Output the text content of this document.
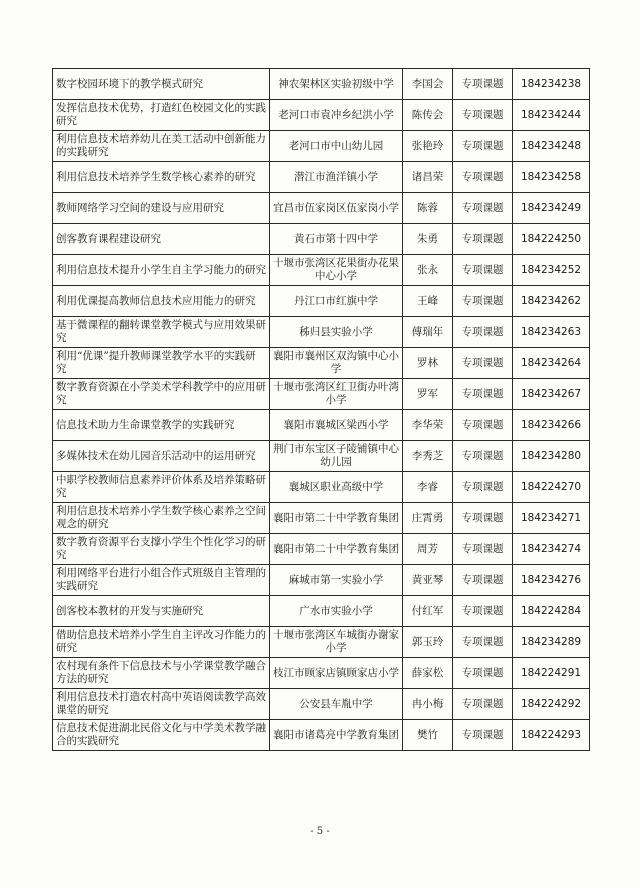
数字校园环境下的教学模式研究	神农架林区实验初级中学	李国会	专项课题	184234238
发挥信息技术优势，打造红色校园文化的实践研究	老河口市袁冲乡纪洪小学	陈传会	专项课题	184234244
利用信息技术培养幼儿在美工活动中创新能力的实践研究	老河口市中山幼儿园	张艳玲	专项课题	184234248
利用信息技术培养学生数学核心素养的研究	潜江市渔洋镇小学	诸昌荣	专项课题	184234258
教师网络学习空间的建设与应用研究	宜昌市伍家岗区伍家岗小学	陈蓉	专项课题	184234249
创客教育课程建设研究	黄石市第十四中学	朱勇	专项课题	184224250
利用信息技术提升小学生自主学习能力的研究	十堰市张湾区花果街办花果中心小学	张永	专项课题	184234252
利用优课提高教师信息技术应用能力的研究	丹江口市红旗中学	王峰	专项课题	184234262
基于微课程的翻转课堂教学模式与应用效果研究	秭归县实验小学	傅瑞年	专项课题	184234263
利用“优课”提升教师课堂教学水平的实践研究	襄阳市襄州区双沟镇中心小学	罗林	专项课题	184234264
数字教育资源在小学美术学科教学中的应用研究	十堰市张湾区红卫街办叶湾小学	罗军	专项课题	184234267
信息技术助力生命课堂教学的实践研究	襄阳市襄城区梁西小学	李华荣	专项课题	184234266
多媒体技术在幼儿园音乐活动中的运用研究	荆门市东宝区子陵铺镇中心幼儿园	李秀芝	专项课题	184234280
中职学校教师信息素养评价体系及培养策略研究	襄城区职业高级中学	李睿	专项课题	184224270
利用信息技术培养小学生数学核心素养之空间观念的研究	襄阳市第二十中学教育集团	庄霄勇	专项课题	184234271
数字教育资源平台支撑小学生个性化学习的研究	襄阳市第二十中学教育集团	周芳	专项课题	184234274
利用网络平台进行小组合作式班级自主管理的实践研究	麻城市第一实验小学	黄亚琴	专项课题	184234276
创客校本教材的开发与实施研究	广水市实验小学	付红军	专项课题	184224284
借助信息技术培养小学生自主评改习作能力的研究	十堰市张湾区车城街办谢家小学	郭玉玲	专项课题	184234289
农村现有条件下信息技术与小学课堂教学融合方法的研究	枝江市顾家店镇顾家店小学	薛家松	专项课题	184224291
利用信息技术打造农村高中英语阅读教学高效课堂的研究	公安县车胤中学	冉小梅	专项课题	184224292
信息技术促进湖北民俗文化与中学美术教学融合的实践研究	襄阳市诸葛亮中学教育集团	樊竹	专项课题	184224293
- 5 -
